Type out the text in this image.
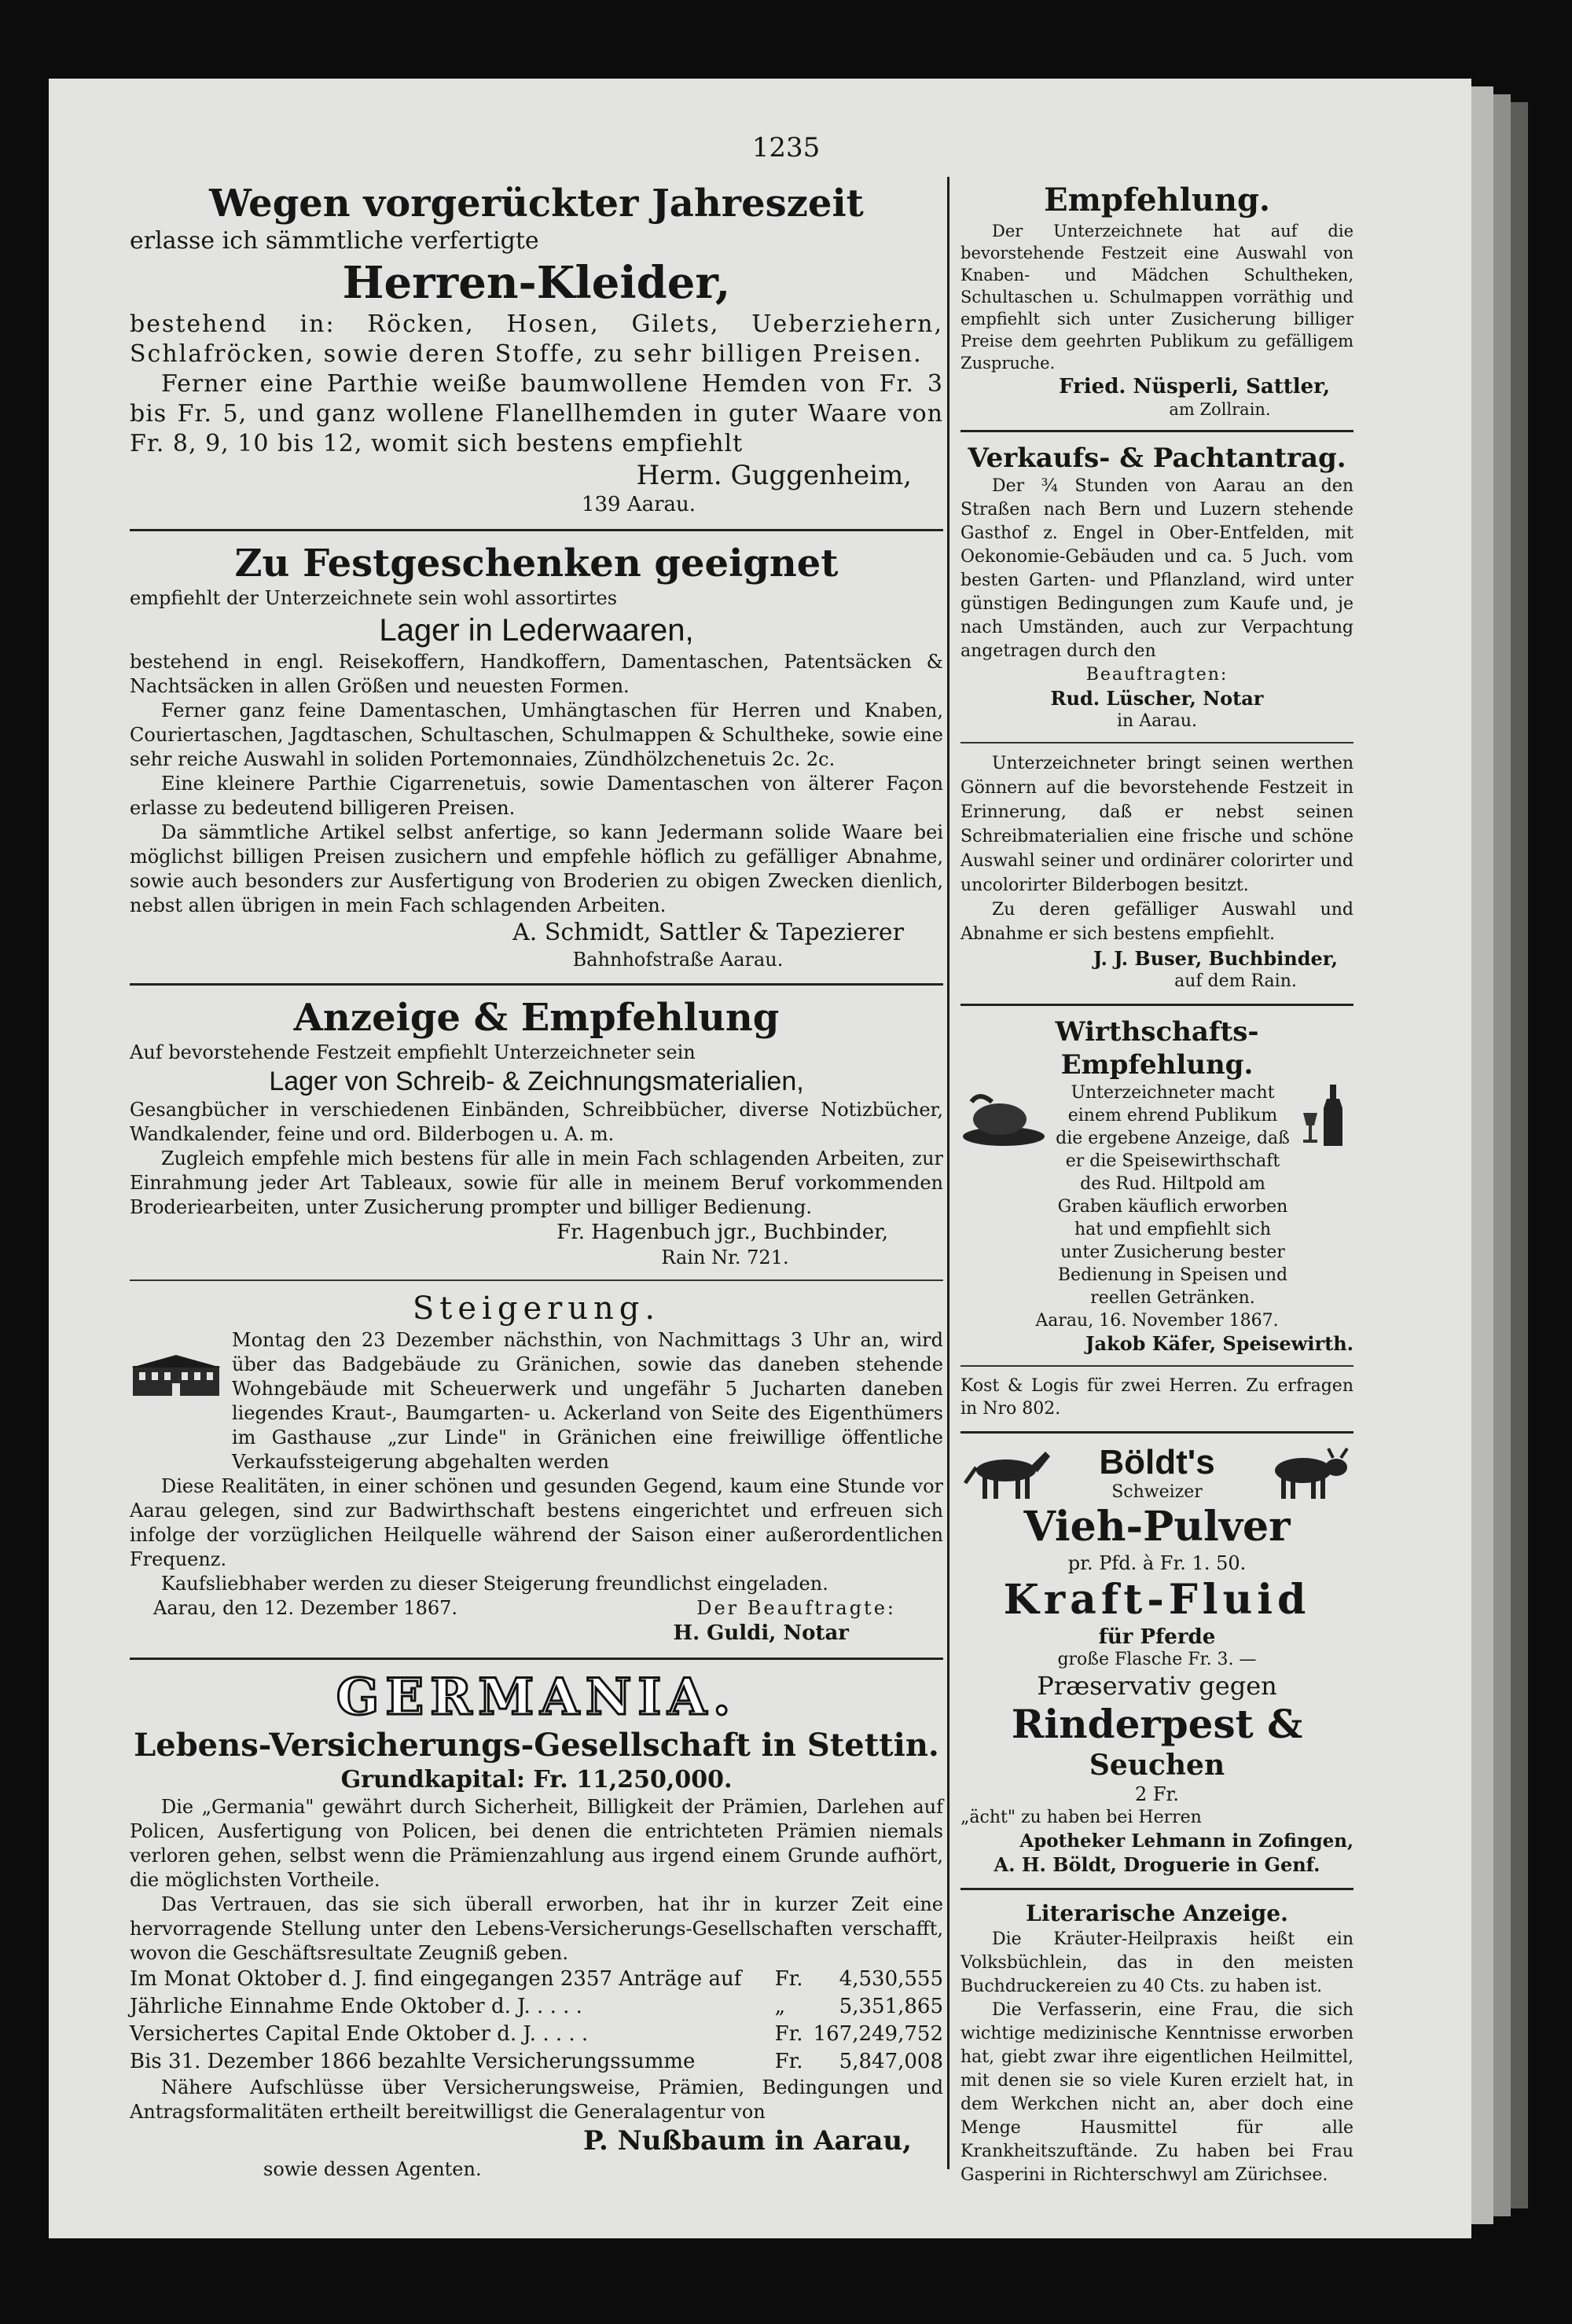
1235

Wegen vorgerückter Jahreszeit

erlasse ich sämmtliche verfertigte

Herren-Kleider,

bestehend in: Röcken, Hosen, Gilets, Ueberziehern, Schlafröcken, sowie deren Stoffe, zu sehr billigen Preisen.

Ferner eine Parthie weiße baumwollene Hemden von Fr. 3 bis Fr. 5, und ganz wollene Flanellhemden in guter Waare von Fr. 8, 9, 10 bis 12, womit sich bestens empfiehlt

Herm. Guggenheim,

139 Aarau.

Zu Festgeschenken geeignet

empfiehlt der Unterzeichnete sein wohl assortirtes

Lager in Lederwaaren,

bestehend in engl. Reisekoffern, Handkoffern, Damentaschen, Patentsäcken & Nachtsäcken in allen Größen und neuesten Formen.

Ferner ganz feine Damentaschen, Umhängtaschen für Herren und Knaben, Couriertaschen, Jagdtaschen, Schultaschen, Schulmappen & Schultheke, sowie eine sehr reiche Auswahl in soliden Portemonnaies, Zündhölzchenetuis 2c. 2c.

Eine kleinere Parthie Cigarrenetuis, sowie Damentaschen von älterer Façon erlasse zu bedeutend billigeren Preisen.

Da sämmtliche Artikel selbst anfertige, so kann Jedermann solide Waare bei möglichst billigen Preisen zusichern und empfehle höflich zu gefälliger Abnahme, sowie auch besonders zur Ausfertigung von Broderien zu obigen Zwecken dienlich, nebst allen übrigen in mein Fach schlagenden Arbeiten.

A. Schmidt, Sattler & Tapezierer

Bahnhofstraße Aarau.

Anzeige & Empfehlung

Auf bevorstehende Festzeit empfiehlt Unterzeichneter sein

Lager von Schreib- & Zeichnungsmaterialien,

Gesangbücher in verschiedenen Einbänden, Schreibbücher, diverse Notizbücher, Wandkalender, feine und ord. Bilderbogen u. A. m.

Zugleich empfehle mich bestens für alle in mein Fach schlagenden Arbeiten, zur Einrahmung jeder Art Tableaux, sowie für alle in meinem Beruf vorkommenden Broderiearbeiten, unter Zusicherung prompter und billiger Bedienung.

Fr. Hagenbuch jgr., Buchbinder,

Rain Nr. 721.

Steigerung.

Montag den 23 Dezember nächsthin, von Nachmittags 3 Uhr an, wird über das Badgebäude zu Gränichen, sowie das daneben stehende Wohngebäude mit Scheuerwerk und ungefähr 5 Jucharten daneben liegendes Kraut-, Baumgarten- u. Ackerland von Seite des Eigenthümers im Gasthause „zur Linde" in Gränichen eine freiwillige öffentliche Verkaufssteigerung abgehalten werden

Diese Realitäten, in einer schönen und gesunden Gegend, kaum eine Stunde vor Aarau gelegen, sind zur Badwirthschaft bestens eingerichtet und erfreuen sich infolge der vorzüglichen Heilquelle während der Saison einer außerordentlichen Frequenz.

Kaufsliebhaber werden zu dieser Steigerung freundlichst eingeladen.

Aarau, den 12. Dezember 1867.	Der Beauftragte:

H. Guldi, Notar

GERMANIA.

Lebens-Versicherungs-Gesellschaft in Stettin.

Grundkapital: Fr. 11,250,000.

Die „Germania" gewährt durch Sicherheit, Billigkeit der Prämien, Darlehen auf Policen, Ausfertigung von Policen, bei denen die entrichteten Prämien niemals verloren gehen, selbst wenn die Prämienzahlung aus irgend einem Grunde aufhört, die möglichsten Vortheile.

Das Vertrauen, das sie sich überall erworben, hat ihr in kurzer Zeit eine hervorragende Stellung unter den Lebens-Versicherungs-Gesellschaften verschafft, wovon die Geschäftsresultate Zeugniß geben.

Im Monat Oktober d. J. find eingegangen 2357 Anträge auf	Fr.	4,530,555
Jährliche Einnahme Ende Oktober d. J. . . . .	„	5,351,865
Versichertes Capital Ende Oktober d. J. . . . .	Fr.	167,249,752
Bis 31. Dezember 1866 bezahlte Versicherungssumme	Fr.	5,847,008

Nähere Aufschlüsse über Versicherungsweise, Prämien, Bedingungen und Antragsformalitäten ertheilt bereitwilligst die Generalagentur von

P. Nußbaum in Aarau,

sowie dessen Agenten.

Empfehlung.

Der Unterzeichnete hat auf die bevorstehende Festzeit eine Auswahl von Knaben- und Mädchen Schultheken, Schultaschen u. Schulmappen vorräthig und empfiehlt sich unter Zusicherung billiger Preise dem geehrten Publikum zu gefälligem Zuspruche.

Fried. Nüsperli, Sattler,

am Zollrain.

Verkaufs- & Pachtantrag.

Der ¾ Stunden von Aarau an den Straßen nach Bern und Luzern stehende Gasthof z. Engel in Ober-Entfelden, mit Oekonomie-Gebäuden und ca. 5 Juch. vom besten Garten- und Pflanzland, wird unter günstigen Bedingungen zum Kaufe und, je nach Umständen, auch zur Verpachtung angetragen durch den

Beauftragten:

Rud. Lüscher, Notar

in Aarau.

Unterzeichneter bringt seinen werthen Gönnern auf die bevorstehende Festzeit in Erinnerung, daß er nebst seinen Schreibmaterialien eine frische und schöne Auswahl seiner und ordinärer colorirter und uncolorirter Bilderbogen besitzt.

Zu deren gefälliger Auswahl und Abnahme er sich bestens empfiehlt.

J. J. Buser, Buchbinder,

auf dem Rain.

Wirthschafts-Empfehlung.

Unterzeichneter macht einem ehrend Publikum die ergebene Anzeige, daß er die Speisewirthschaft des Rud. Hiltpold am Graben käuflich erworben hat und empfiehlt sich unter Zusicherung bester Bedienung in Speisen und reellen Getränken.

Aarau, 16. November 1867.

Jakob Käfer, Speisewirth.

Kost & Logis für zwei Herren. Zu erfragen in Nro 802.

Böldt's

Schweizer

Vieh-Pulver

pr. Pfd. à Fr. 1. 50.

Kraft-Fluid

für Pferde

große Flasche Fr. 3. —

Præservativ gegen

Rinderpest &

Seuchen

2 Fr.

„ächt" zu haben bei Herren

Apotheker Lehmann in Zofingen,

A. H. Böldt, Droguerie in Genf.

Literarische Anzeige.

Die Kräuter-Heilpraxis heißt ein Volksbüchlein, das in den meisten Buchdruckereien zu 40 Cts. zu haben ist.

Die Verfasserin, eine Frau, die sich wichtige medizinische Kenntnisse erworben hat, giebt zwar ihre eigentlichen Heilmittel, mit denen sie so viele Kuren erzielt hat, in dem Werkchen nicht an, aber doch eine Menge Hausmittel für alle Krankheitszuftände. Zu haben bei Frau Gasperini in Richterschwyl am Zürichsee.
